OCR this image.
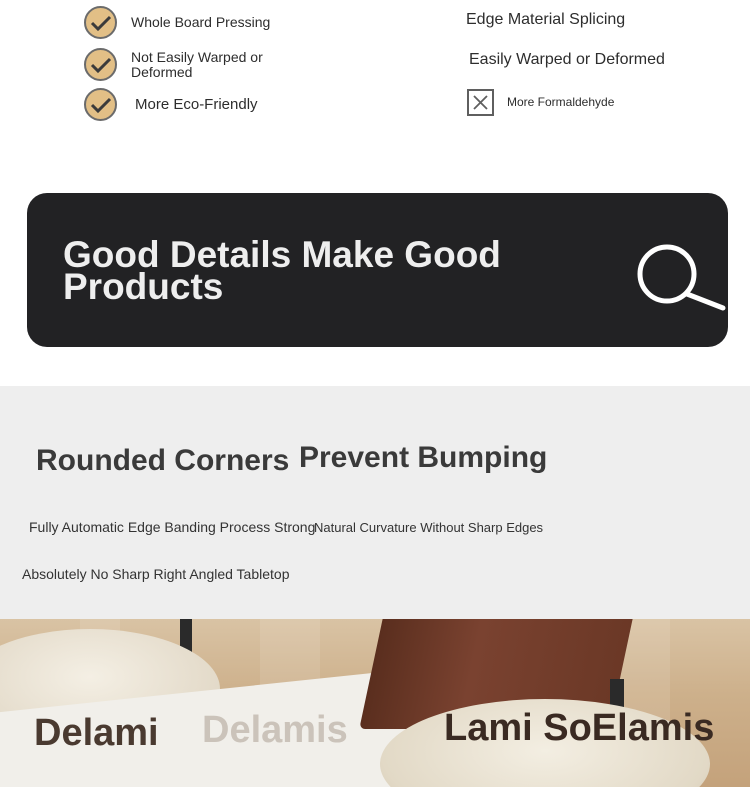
Whole Board Pressing
Not Easily Warped or Deformed
More Eco-Friendly
Edge Material Splicing
Easily Warped or Deformed
More Formaldehyde
Good Details Make Good Products
Rounded Corners Prevent Bumping
Fully Automatic Edge Banding Process Strong
Natural Curvature Without Sharp Edges
Absolutely No Sharp Right Angled Tabletop
Delami Delamis	Lami SoElamis
